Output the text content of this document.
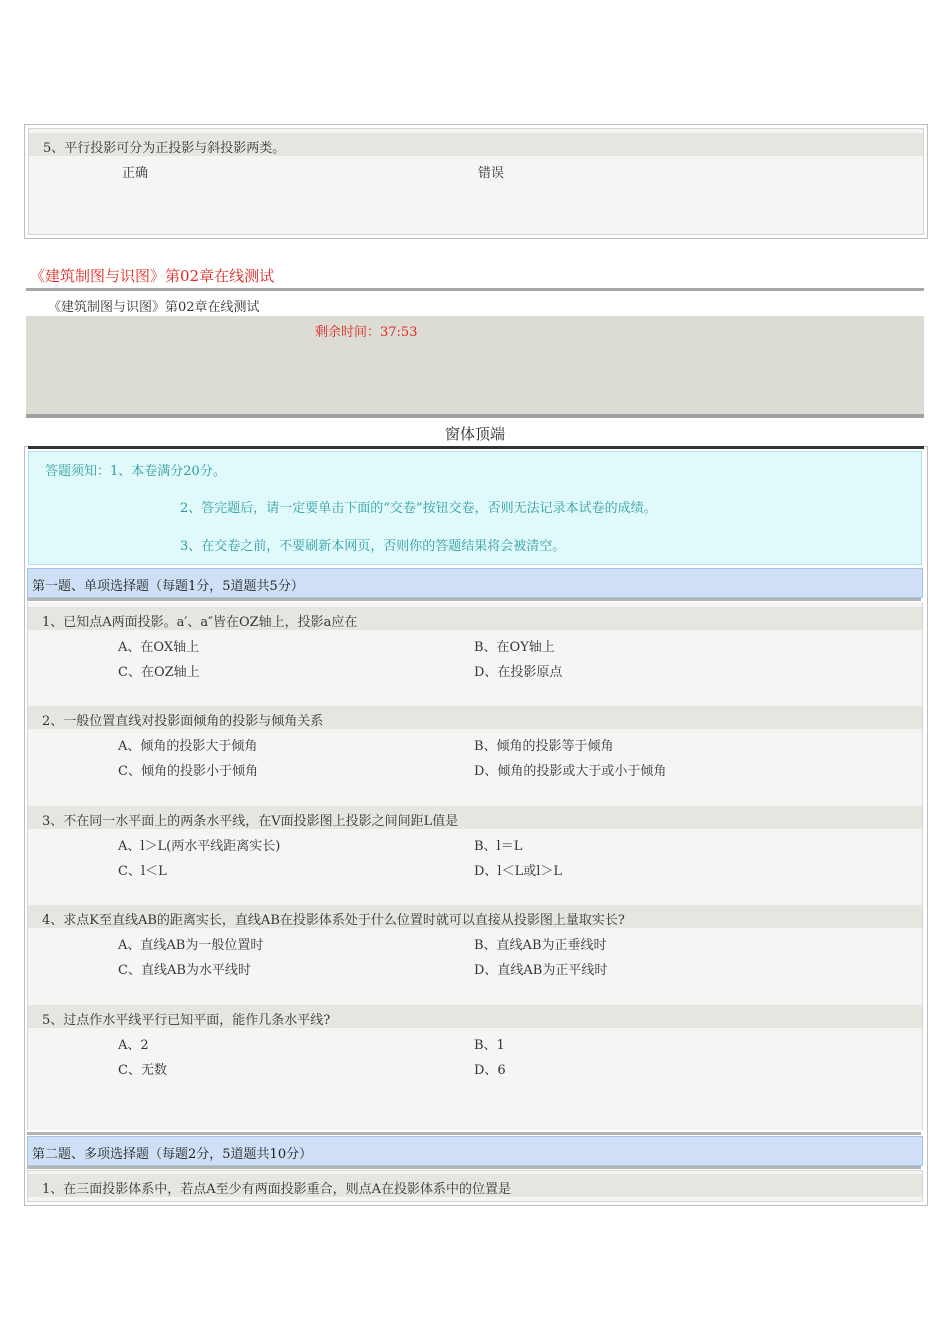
5、平行投影可分为正投影与斜投影两类。
正确	错误
《建筑制图与识图》第02章在线测试
《建筑制图与识图》第02章在线测试
剩余时间：37:53
窗体顶端
答题须知：1、本卷满分20分。
2、答完题后，请一定要单击下面的“交卷”按钮交卷，否则无法记录本试卷的成绩。
3、在交卷之前，不要刷新本网页，否则你的答题结果将会被清空。
第一题、单项选择题（每题1分，5道题共5分）
1、已知点A两面投影。a′、a″皆在OZ轴上，投影a应在
A、在OX轴上	B、在OY轴上
C、在OZ轴上	D、在投影原点
2、一般位置直线对投影面倾角的投影与倾角关系
A、倾角的投影大于倾角	B、倾角的投影等于倾角
C、倾角的投影小于倾角	D、倾角的投影或大于或小于倾角
3、不在同一水平面上的两条水平线，在V面投影图上投影之间间距L值是
A、l＞L(两水平线距离实长)	B、l＝L
C、l＜L	D、l＜L或l＞L
4、求点K至直线AB的距离实长，直线AB在投影体系处于什么位置时就可以直接从投影图上量取实长?
A、直线AB为一般位置时	B、直线AB为正垂线时
C、直线AB为水平线时	D、直线AB为正平线时
5、过点作水平线平行已知平面，能作几条水平线?
A、2	B、1
C、无数	D、6
第二题、多项选择题（每题2分，5道题共10分）
1、在三面投影体系中，若点A至少有两面投影重合，则点A在投影体系中的位置是
